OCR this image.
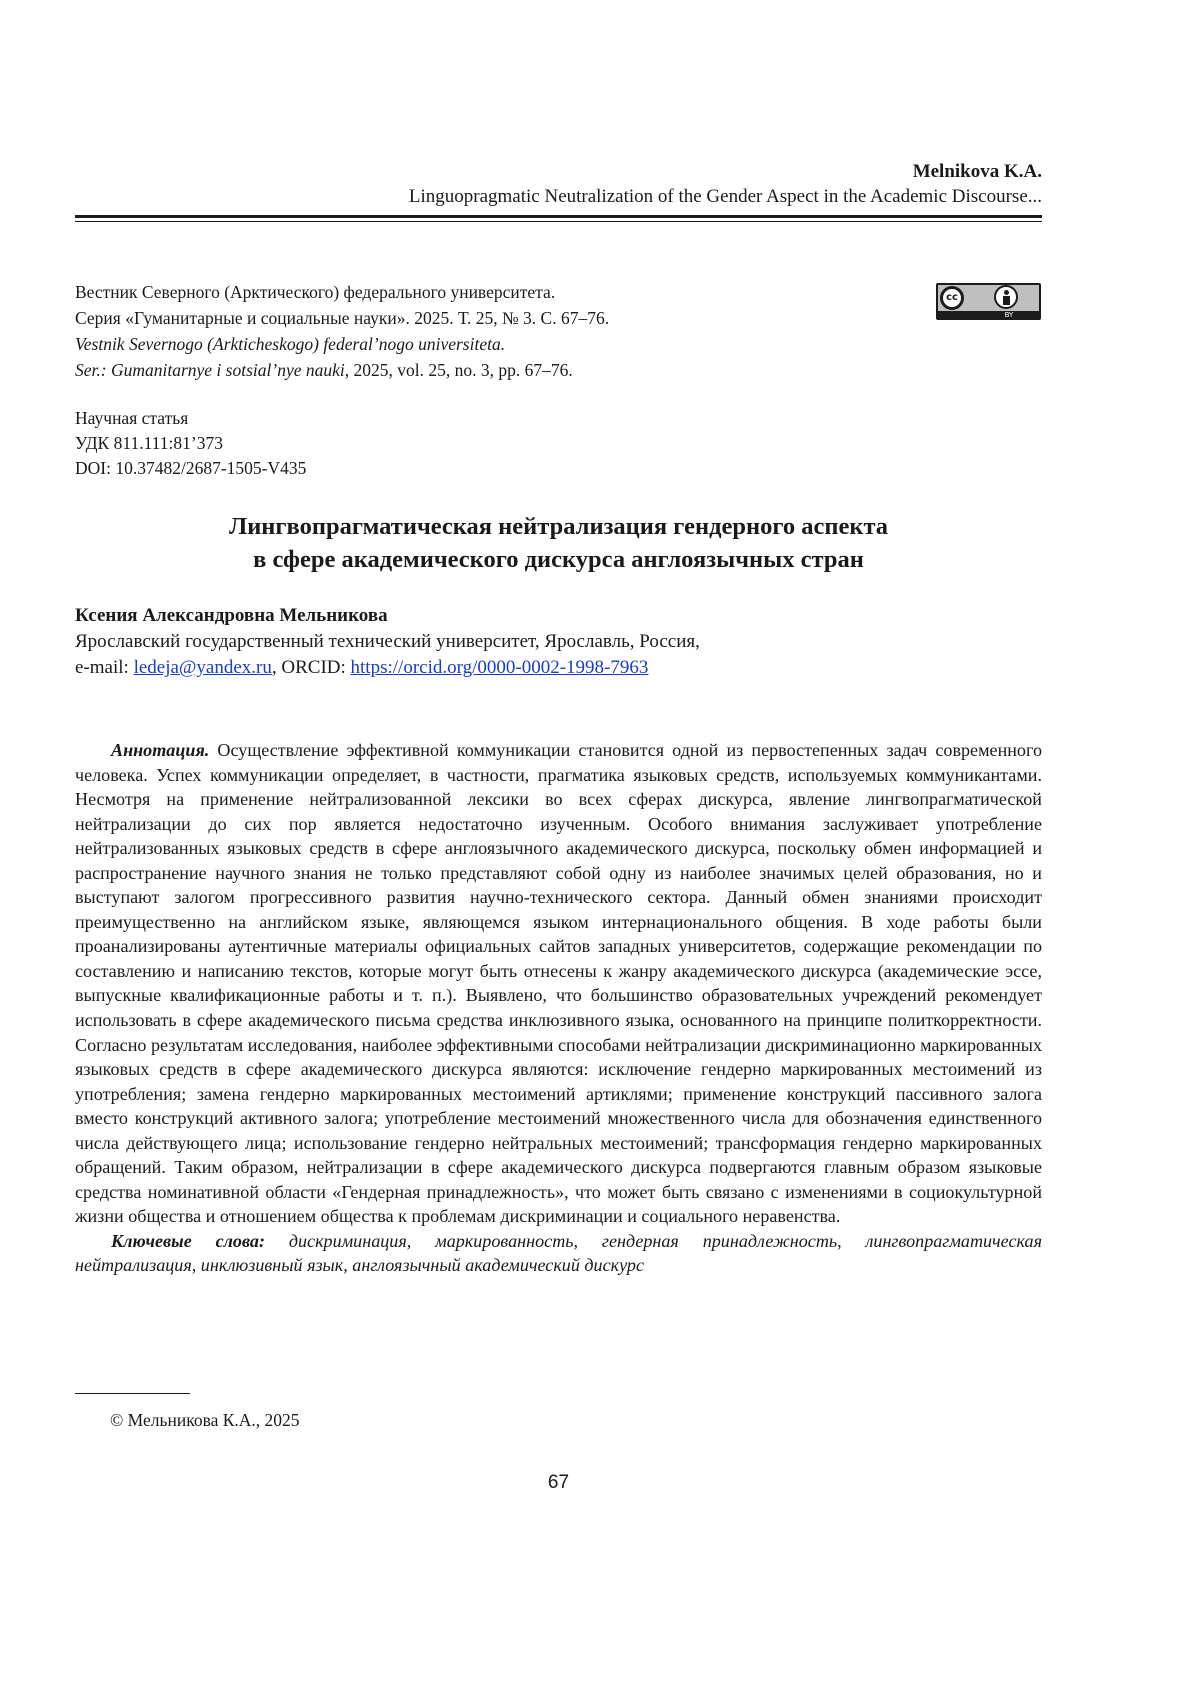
Melnikova K.A.
Linguopragmatic Neutralization of the Gender Aspect in the Academic Discourse...
Вестник Северного (Арктического) федерального университета.
Серия «Гуманитарные и социальные науки». 2025. Т. 25, № 3. С. 67–76.
Vestnik Severnogo (Arkticheskogo) federal’nogo universiteta.
Ser.: Gumanitarnye i sotsial’nye nauki, 2025, vol. 25, no. 3, pp. 67–76.
cc
BY
Научная статья
УДК 811.111:81’373
DOI: 10.37482/2687-1505-V435
Лингвопрагматическая нейтрализация гендерного аспекта
в сфере академического дискурса англоязычных стран
Ксения Александровна Мельникова
Ярославский государственный технический университет, Ярославль, Россия,
e-mail: ledeja@yandex.ru, ORCID: https://orcid.org/0000-0002-1998-7963

Аннотация. Осуществление эффективной коммуникации становится одной из первостепенных задач современного человека. Успех коммуникации определяет, в частности, прагматика языковых средств, используемых коммуникантами. Несмотря на применение нейтрализованной лексики во всех сферах дискурса, явление лингвопрагматической нейтрализации до сих пор является недостаточно изученным. Особого внимания заслуживает употребление нейтрализованных языковых средств в сфере англоязычного академического дискурса, поскольку обмен информацией и распространение научного знания не только представляют собой одну из наиболее значимых целей образования, но и выступают залогом прогрессивного развития научно-технического сектора. Данный обмен знаниями происходит преимущественно на английском языке, являющемся языком интернационального общения. В ходе работы были проанализированы аутентичные материалы официальных сайтов западных университетов, содержащие рекомендации по составлению и написанию текстов, которые могут быть отнесены к жанру академического дискурса (академические эссе, выпускные квалификационные работы и т. п.). Выявлено, что большинство образовательных учреждений рекомендует использовать в сфере академического письма средства инклюзивного языка, основанного на принципе политкорректности. Согласно результатам исследования, наиболее эффективными способами нейтрализации дискриминационно маркированных языковых средств в сфере академического дискурса являются: исключение гендерно маркированных местоимений из употребления; замена гендерно маркированных местоимений артиклями; применение конструкций пассивного залога вместо конструкций активного залога; употребление местоимений множественного числа для обозначения единственного числа действующего лица; использование гендерно нейтральных местоимений; трансформация гендерно маркированных обращений. Таким образом, нейтрализации в сфере академического дискурса подвергаются главным образом языковые средства номинативной области «Гендерная принадлежность», что может быть связано с изменениями в социокультурной жизни общества и отношением общества к проблемам дискриминации и социального неравенства.

Ключевые слова: дискриминация, маркированность, гендерная принадлежность, лингвопрагматическая нейтрализация, инклюзивный язык, англоязычный академический дискурс

© Мельникова К.А., 2025
67
